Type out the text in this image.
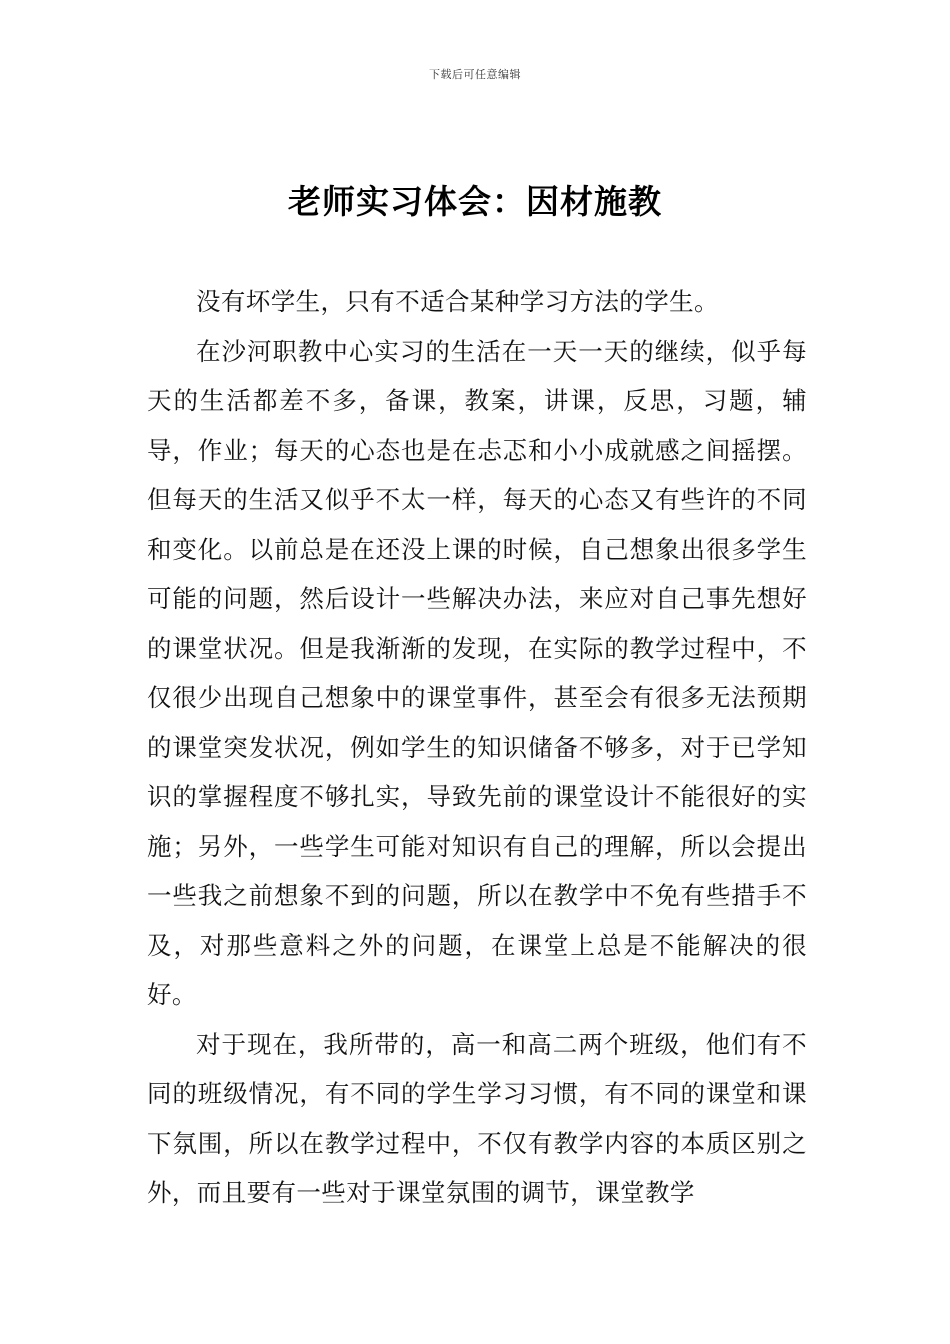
下载后可任意编辑
老师实习体会：因材施教

没有坏学生，只有不适合某种学习方法的学生。

在沙河职教中心实习的生活在一天一天的继续，似乎每天的生活都差不多，备课，教案，讲课，反思，习题，辅导，作业；每天的心态也是在忐忑和小小成就感之间摇摆。但每天的生活又似乎不太一样，每天的心态又有些许的不同和变化。以前总是在还没上课的时候，自己想象出很多学生可能的问题，然后设计一些解决办法，来应对自己事先想好的课堂状况。但是我渐渐的发现，在实际的教学过程中，不仅很少出现自己想象中的课堂事件，甚至会有很多无法预期的课堂突发状况，例如学生的知识储备不够多，对于已学知识的掌握程度不够扎实，导致先前的课堂设计不能很好的实施；另外，一些学生可能对知识有自己的理解，所以会提出一些我之前想象不到的问题，所以在教学中不免有些措手不及，对那些意料之外的问题，在课堂上总是不能解决的很好。

对于现在，我所带的，高一和高二两个班级，他们有不同的班级情况，有不同的学生学习习惯，有不同的课堂和课下氛围，所以在教学过程中，不仅有教学内容的本质区别之外，而且要有一些对于课堂氛围的调节，课堂教学
